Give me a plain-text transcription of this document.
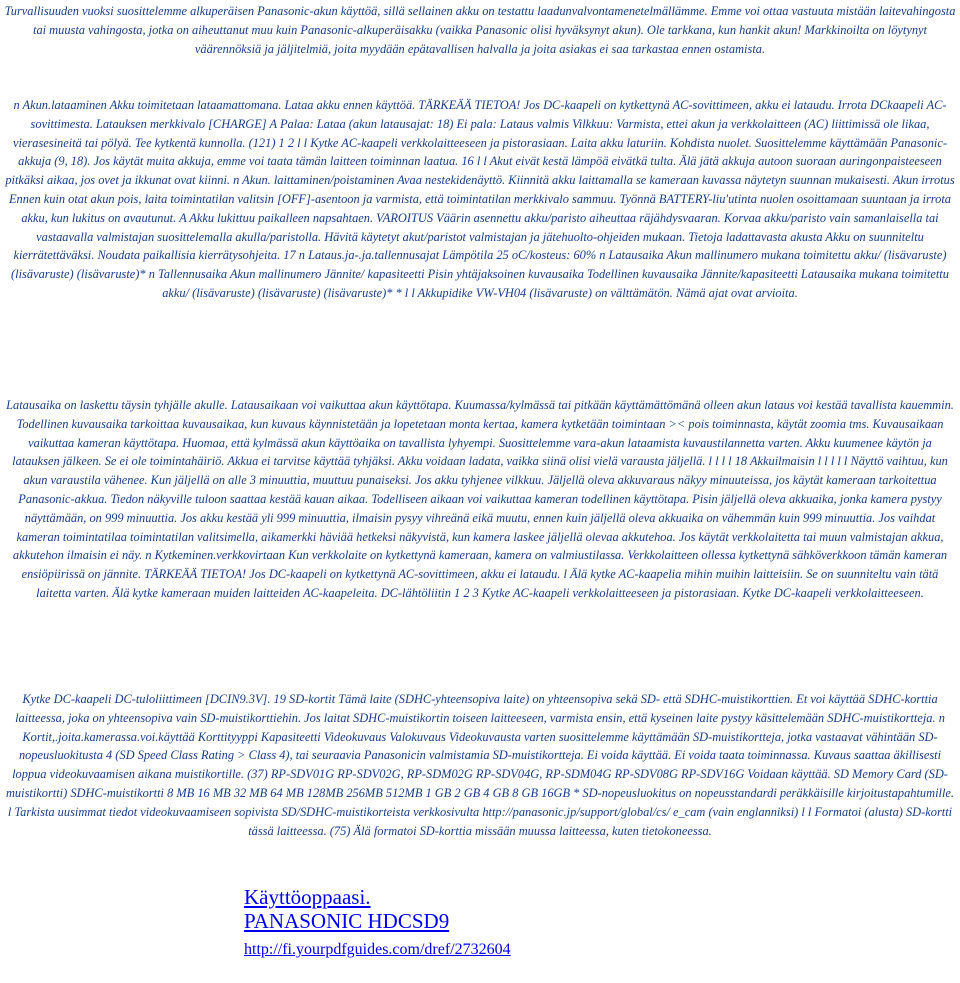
Turvallisuuden vuoksi suosittelemme alkuperäisen Panasonic-akun käyttöä, sillä sellainen akku on testattu laadunvalvontamenetelmällämme. Emme voi ottaa vastuuta mistään laitevahingosta tai muusta vahingosta, jotka on aiheuttanut muu kuin Panasonic-alkuperäisakku (vaikka Panasonic olisi hyväksynyt akun). Ole tarkkana, kun hankit akun! Markkinoilta on löytynyt väärennöksiä ja jäljitelmiä, joita myydään epätavallisen halvalla ja joita asiakas ei saa tarkastaa ennen ostamista.

n Akun.lataaminen Akku toimitetaan lataamattomana. Lataa akku ennen käyttöä. TÄRKEÄÄ TIETOA! Jos DC-kaapeli on kytkettynä AC-sovittimeen, akku ei lataudu. Irrota DCkaapeli AC-sovittimesta. Latauksen merkkivalo [CHARGE] A Palaa: Lataa (akun latausajat: 18) Ei pala: Lataus valmis Vilkkuu: Varmista, ettei akun ja verkkolaitteen (AC) liittimissä ole likaa, vierasesineitä tai pölyä. Tee kytkentä kunnolla. (121) 1 2 l l Kytke AC-kaapeli verkkolaitteeseen ja pistorasiaan. Laita akku laturiin. Kohdista nuolet. Suosittelemme käyttämään Panasonic-akkuja (9, 18). Jos käytät muita akkuja, emme voi taata tämän laitteen toiminnan laatua. 16 l l Akut eivät kestä lämpöä eivätkä tulta. Älä jätä akkuja autoon suoraan auringonpaisteeseen pitkäksi aikaa, jos ovet ja ikkunat ovat kiinni. n Akun. laittaminen/poistaminen Avaa nestekidenäyttö. Kiinnitä akku laittamalla se kameraan kuvassa näytetyn suunnan mukaisesti. Akun irrotus Ennen kuin otat akun pois, laita toimintatilan valitsin [OFF]-asentoon ja varmista, että toimintatilan merkkivalo sammuu. Työnnä BATTERY-liu'utinta nuolen osoittamaan suuntaan ja irrota akku, kun lukitus on avautunut. A Akku lukittuu paikalleen napsahtaen. VAROITUS Väärin asennettu akku/paristo aiheuttaa räjähdysvaaran. Korvaa akku/paristo vain samanlaisella tai vastaavalla valmistajan suosittelemalla akulla/paristolla. Hävitä käytetyt akut/paristot valmistajan ja jätehuolto-ohjeiden mukaan. Tietoja ladattavasta akusta Akku on suunniteltu kierrätettäväksi. Noudata paikallisia kierrätysohjeita. 17 n Lataus.ja-.ja.tallennusajat Lämpötila 25 oC/kosteus: 60% n Latausaika Akun mallinumero mukana toimitettu akku/ (lisävaruste) (lisävaruste) (lisävaruste)* n Tallennusaika Akun mallinumero Jännite/ kapasiteetti Pisin yhtäjaksoinen kuvausaika Todellinen kuvausaika Jännite/kapasiteetti Latausaika mukana toimitettu akku/ (lisävaruste) (lisävaruste) (lisävaruste)* * l l Akkupidike VW-VH04 (lisävaruste) on välttämätön. Nämä ajat ovat arvioita.

Latausaika on laskettu täysin tyhjälle akulle. Latausaikaan voi vaikuttaa akun käyttötapa. Kuumassa/kylmässä tai pitkään käyttämättömänä olleen akun lataus voi kestää tavallista kauemmin. Todellinen kuvausaika tarkoittaa kuvausaikaa, kun kuvaus käynnistetään ja lopetetaan monta kertaa, kamera kytketään toimintaan >< pois toiminnasta, käytät zoomia tms. Kuvausaikaan vaikuttaa kameran käyttötapa. Huomaa, että kylmässä akun käyttöaika on tavallista lyhyempi. Suosittelemme vara-akun lataamista kuvaustilannetta varten. Akku kuumenee käytön ja latauksen jälkeen. Se ei ole toimintahäiriö. Akkua ei tarvitse käyttää tyhjäksi. Akku voidaan ladata, vaikka siinä olisi vielä varausta jäljellä. l l l l 18 Akkuilmaisin l l l l l Näyttö vaihtuu, kun akun varaustila vähenee. Kun jäljellä on alle 3 minuuttia, muuttuu punaiseksi. Jos akku tyhjenee vilkkuu. Jäljellä oleva akkuvaraus näkyy minuuteissa, jos käytät kameraan tarkoitettua Panasonic-akkua. Tiedon näkyville tuloon saattaa kestää kauan aikaa. Todelliseen aikaan voi vaikuttaa kameran todellinen käyttötapa. Pisin jäljellä oleva akkuaika, jonka kamera pystyy näyttämään, on 999 minuuttia. Jos akku kestää yli 999 minuuttia, ilmaisin pysyy vihreänä eikä muutu, ennen kuin jäljellä oleva akkuaika on vähemmän kuin 999 minuuttia. Jos vaihdat kameran toimintatilaa toimintatilan valitsimella, aikamerkki häviää hetkeksi näkyvistä, kun kamera laskee jäljellä olevaa akkutehoa. Jos käytät verkkolaitetta tai muun valmistajan akkua, akkutehon ilmaisin ei näy. n Kytkeminen.verkkovirtaan Kun verkkolaite on kytkettynä kameraan, kamera on valmiustilassa. Verkkolaitteen ollessa kytkettynä sähköverkkoon tämän kameran ensiöpiirissä on jännite. TÄRKEÄÄ TIETOA! Jos DC-kaapeli on kytkettynä AC-sovittimeen, akku ei lataudu. l Älä kytke AC-kaapelia mihin muihin laitteisiin. Se on suunniteltu vain tätä laitetta varten. Älä kytke kameraan muiden laitteiden AC-kaapeleita. DC-lähtöliitin 1 2 3 Kytke AC-kaapeli verkkolaitteeseen ja pistorasiaan. Kytke DC-kaapeli verkkolaitteeseen.

Kytke DC-kaapeli DC-tuloliittimeen [DCIN9.3V]. 19 SD-kortit Tämä laite (SDHC-yhteensopiva laite) on yhteensopiva sekä SD- että SDHC-muistikorttien. Et voi käyttää SDHC-korttia laitteessa, joka on yhteensopiva vain SD-muistikorttiehin. Jos laitat SDHC-muistikortin toiseen laitteeseen, varmista ensin, että kyseinen laite pystyy käsittelemään SDHC-muistikortteja. n Kortit,.joita.kamerassa.voi.käyttää Korttityyppi Kapasiteetti Videokuvaus Valokuvaus Videokuvausta varten suosittelemme käyttämään SD-muistikortteja, jotka vastaavat vähintään SD-nopeusluokitusta 4 (SD Speed Class Rating > Class 4), tai seuraavia Panasonicin valmistamia SD-muistikortteja. Ei voida käyttää. Ei voida taata toiminnassa. Kuvaus saattaa äkillisesti loppua videokuvaamisen aikana muistikortille. (37) RP-SDV01G RP-SDV02G, RP-SDM02G RP-SDV04G, RP-SDM04G RP-SDV08G RP-SDV16G Voidaan käyttää. SD Memory Card (SD-muistikortti) SDHC-muistikortti 8 MB 16 MB 32 MB 64 MB 128MB 256MB 512MB 1 GB 2 GB 4 GB 8 GB 16GB * SD-nopeusluokitus on nopeusstandardi peräkkäisille kirjoitustapahtumille. l Tarkista uusimmat tiedot videokuvaamiseen sopivista SD/SDHC-muistikorteista verkkosivulta http://panasonic.jp/support/global/cs/ e_cam (vain englanniksi) l l Formatoi (alusta) SD-kortti tässä laitteessa. (75) Älä formatoi SD-korttia missään muussa laitteessa, kuten tietokoneessa.

Käyttöoppaasi.
PANASONIC HDCSD9
http://fi.yourpdfguides.com/dref/2732604
